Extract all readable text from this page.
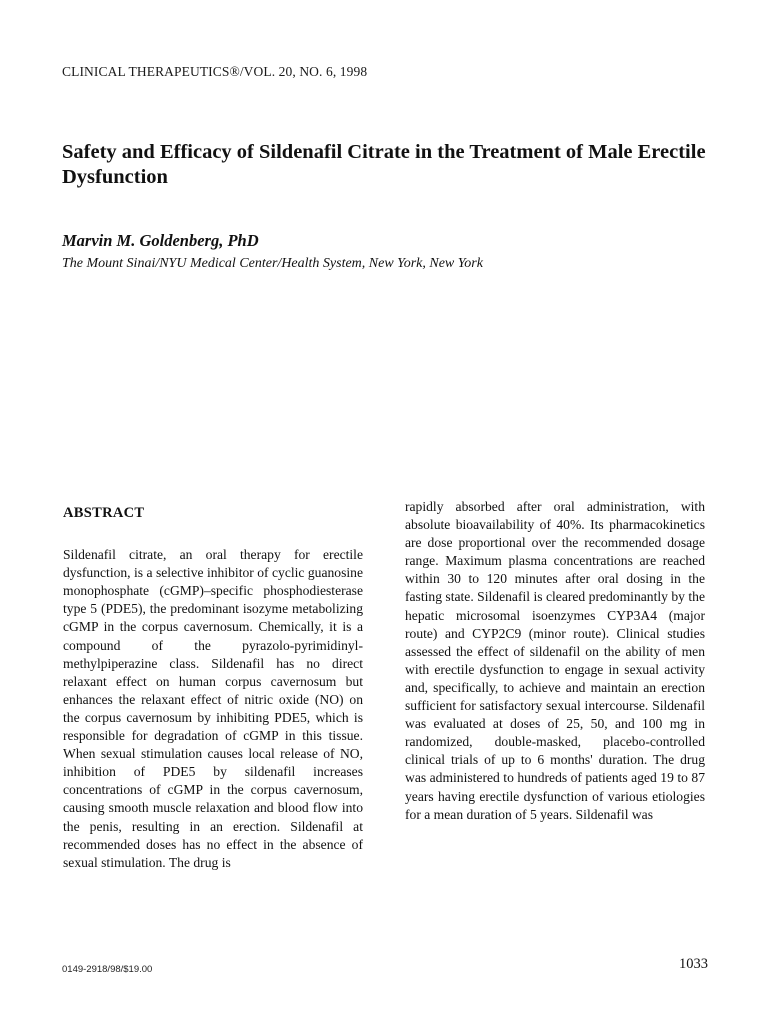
CLINICAL THERAPEUTICS®/VOL. 20, NO. 6, 1998
Safety and Efficacy of Sildenafil Citrate in the Treatment of Male Erectile Dysfunction
Marvin M. Goldenberg, PhD
The Mount Sinai/NYU Medical Center/Health System, New York, New York
ABSTRACT

Sildenafil citrate, an oral therapy for erectile dysfunction, is a selective inhibitor of cyclic guanosine monophosphate (cGMP)–specific phosphodiesterase type 5 (PDE5), the predominant isozyme metabolizing cGMP in the corpus cavernosum. Chemically, it is a compound of the pyrazolo-pyrimidinyl-methylpiperazine class. Sildenafil has no direct relaxant effect on human corpus cavernosum but enhances the relaxant effect of nitric oxide (NO) on the corpus cavernosum by inhibiting PDE5, which is responsible for degradation of cGMP in this tissue. When sexual stimulation causes local release of NO, inhibition of PDE5 by sildenafil increases concentrations of cGMP in the corpus cavernosum, causing smooth muscle relaxation and blood flow into the penis, resulting in an erection. Sildenafil at recommended doses has no effect in the absence of sexual stimulation. The drug is

rapidly absorbed after oral administration, with absolute bioavailability of 40%. Its pharmacokinetics are dose proportional over the recommended dosage range. Maximum plasma concentrations are reached within 30 to 120 minutes after oral dosing in the fasting state. Sildenafil is cleared predominantly by the hepatic microsomal isoenzymes CYP3A4 (major route) and CYP2C9 (minor route). Clinical studies assessed the effect of sildenafil on the ability of men with erectile dysfunction to engage in sexual activity and, specifically, to achieve and maintain an erection sufficient for satisfactory sexual intercourse. Sildenafil was evaluated at doses of 25, 50, and 100 mg in randomized, double-masked, placebo-controlled clinical trials of up to 6 months' duration. The drug was administered to hundreds of patients aged 19 to 87 years having erectile dysfunction of various etiologies for a mean duration of 5 years. Sildenafil was

0149-2918/98/$19.00	1033
